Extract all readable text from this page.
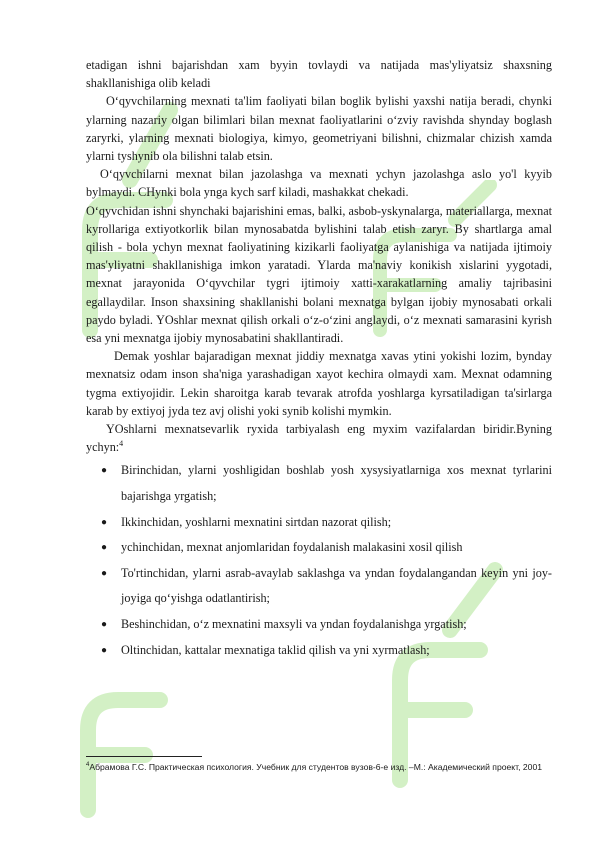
etadigan ishni bajarishdan xam byyin tovlaydi va natijada mas'yliyatsiz shaxsning shakllanishiga olib keladi

O‘qyvchilarning mexnati ta'lim faoliyati bilan boglik bylishi yaxshi natija beradi, chynki ylarning nazariy olgan bilimlari bilan mexnat faoliyatlarini o‘zviy ravishda shynday boglash zaryrki, ylarning mexnati biologiya, kimyo, geometriyani bilishni, chizmalar chizish xamda ylarni tyshynib ola bilishni talab etsin.

O‘qyvchilarni mexnat bilan jazolashga va mexnati ychyn jazolashga aslo yo'l kyyib bylmaydi. CHynki bola ynga kych sarf kiladi, mashakkat chekadi.

O‘qyvchidan ishni shynchaki bajarishini emas, balki, asbob-yskynalarga, materiallarga, mexnat kyrollariga extiyotkorlik bilan mynosabatda bylishini talab etish zaryr. By shartlarga amal qilish - bola ychyn mexnat faoliyatining kizikarli faoliyatga aylanishiga va natijada ijtimoiy mas'yliyatni shakllanishiga imkon yaratadi. Ylarda ma'naviy konikish xislarini yygotadi, mexnat jarayonida O‘qyvchilar tygri ijtimoiy xatti-xarakatlarning amaliy tajribasini egallaydilar. Inson shaxsining shakllanishi bolani mexnatga bylgan ijobiy mynosabati orkali paydo byladi. YOshlar mexnat qilish orkali o‘z-o‘zini anglaydi, o‘z mexnati samarasini kyrish esa yni mexnatga ijobiy mynosabatini shakllantiradi.

Demak yoshlar bajaradigan mexnat jiddiy mexnatga xavas ytini yokishi lozim, bynday mexnatsiz odam inson sha'niga yarashadigan xayot kechira olmaydi xam. Mexnat odamning tygma extiyojidir. Lekin sharoitga karab tevarak atrofda yoshlarga kyrsatiladigan ta'sirlarga karab by extiyoj jyda tez avj olishi yoki synib kolishi mymkin.

YOshlarni mexnatsevarlik ryxida tarbiyalash eng myxim vazifalardan biridir.Byning ychyn:$^4$

● Birinchidan, ylarni yoshligidan boshlab yosh xysysiyatlarniga xos mexnat tyrlarini bajarishga yrgatish;
● Ikkinchidan, yoshlarni mexnatini sirtdan nazorat qilish;
● ychinchidan, mexnat anjomlaridan foydalanish malakasini xosil qilish
● To'rtinchidan, ylarni asrab-avaylab saklashga va yndan foydalangandan keyin yni joy-joyiga qo‘yishga odatlantirish;
● Beshinchidan, o‘z mexnatini maxsyli va yndan foydalanishga yrgatish;
● Oltinchidan, kattalar mexnatiga taklid qilish va yni xyrmatlash;
$^4$Абрамова Г.С. Практическая психология. Учебник для студентов вузов-6-е изд. –М.: Академический проект, 2001
